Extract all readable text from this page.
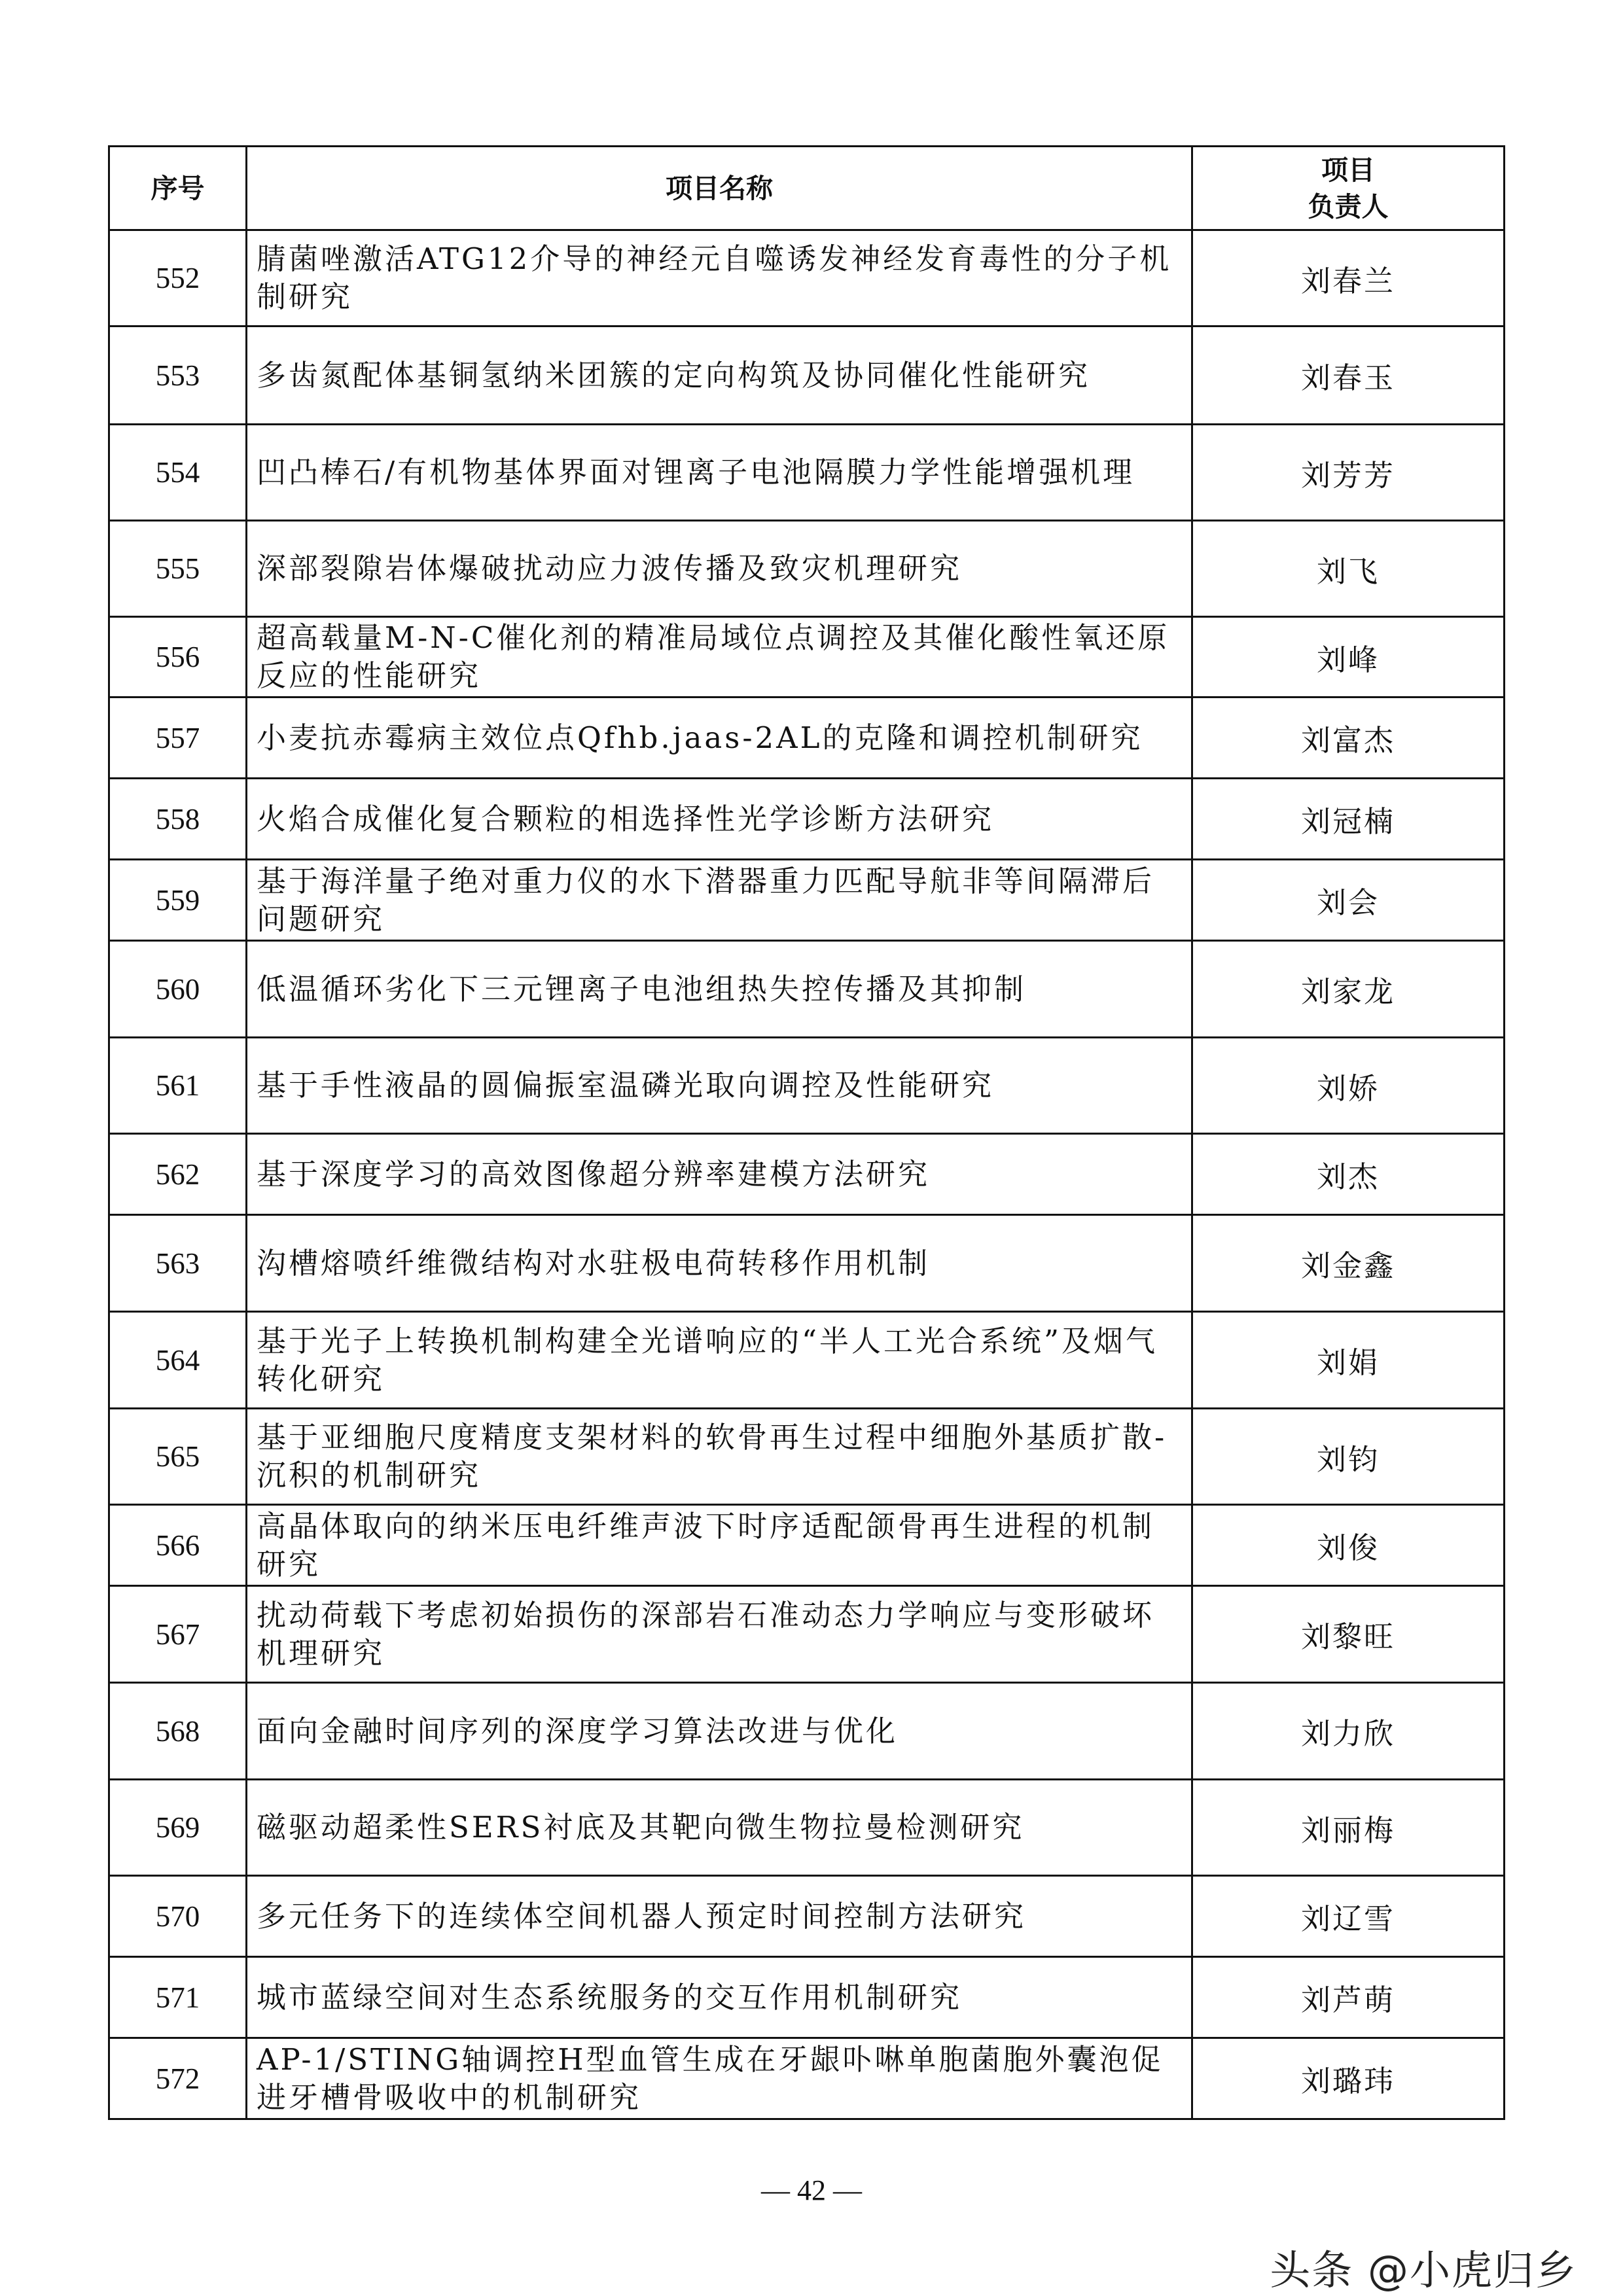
序号	项目名称	项目
负责人

552	腈菌唑激活ATG12介导的神经元自噬诱发神经发育毒性的分子机制研究	刘春兰
553	多齿氮配体基铜氢纳米团簇的定向构筑及协同催化性能研究	刘春玉
554	凹凸棒石/有机物基体界面对锂离子电池隔膜力学性能增强机理	刘芳芳
555	深部裂隙岩体爆破扰动应力波传播及致灾机理研究	刘飞
556	超高载量M-N-C催化剂的精准局域位点调控及其催化酸性氧还原反应的性能研究	刘峰
557	小麦抗赤霉病主效位点Qfhb.jaas-2AL的克隆和调控机制研究	刘富杰
558	火焰合成催化复合颗粒的相选择性光学诊断方法研究	刘冠楠
559	基于海洋量子绝对重力仪的水下潜器重力匹配导航非等间隔滞后问题研究	刘会
560	低温循环劣化下三元锂离子电池组热失控传播及其抑制	刘家龙
561	基于手性液晶的圆偏振室温磷光取向调控及性能研究	刘娇
562	基于深度学习的高效图像超分辨率建模方法研究	刘杰
563	沟槽熔喷纤维微结构对水驻极电荷转移作用机制	刘金鑫
564	基于光子上转换机制构建全光谱响应的“半人工光合系统”及烟气转化研究	刘娟
565	基于亚细胞尺度精度支架材料的软骨再生过程中细胞外基质扩散-沉积的机制研究	刘钧
566	高晶体取向的纳米压电纤维声波下时序适配颌骨再生进程的机制研究	刘俊
567	扰动荷载下考虑初始损伤的深部岩石准动态力学响应与变形破坏机理研究	刘黎旺
568	面向金融时间序列的深度学习算法改进与优化	刘力欣
569	磁驱动超柔性SERS衬底及其靶向微生物拉曼检测研究	刘丽梅
570	多元任务下的连续体空间机器人预定时间控制方法研究	刘辽雪
571	城市蓝绿空间对生态系统服务的交互作用机制研究	刘芦萌
572	AP-1/STING轴调控H型血管生成在牙龈卟啉单胞菌胞外囊泡促进牙槽骨吸收中的机制研究	刘璐玮
— 42 —
头条 @小虎归乡
